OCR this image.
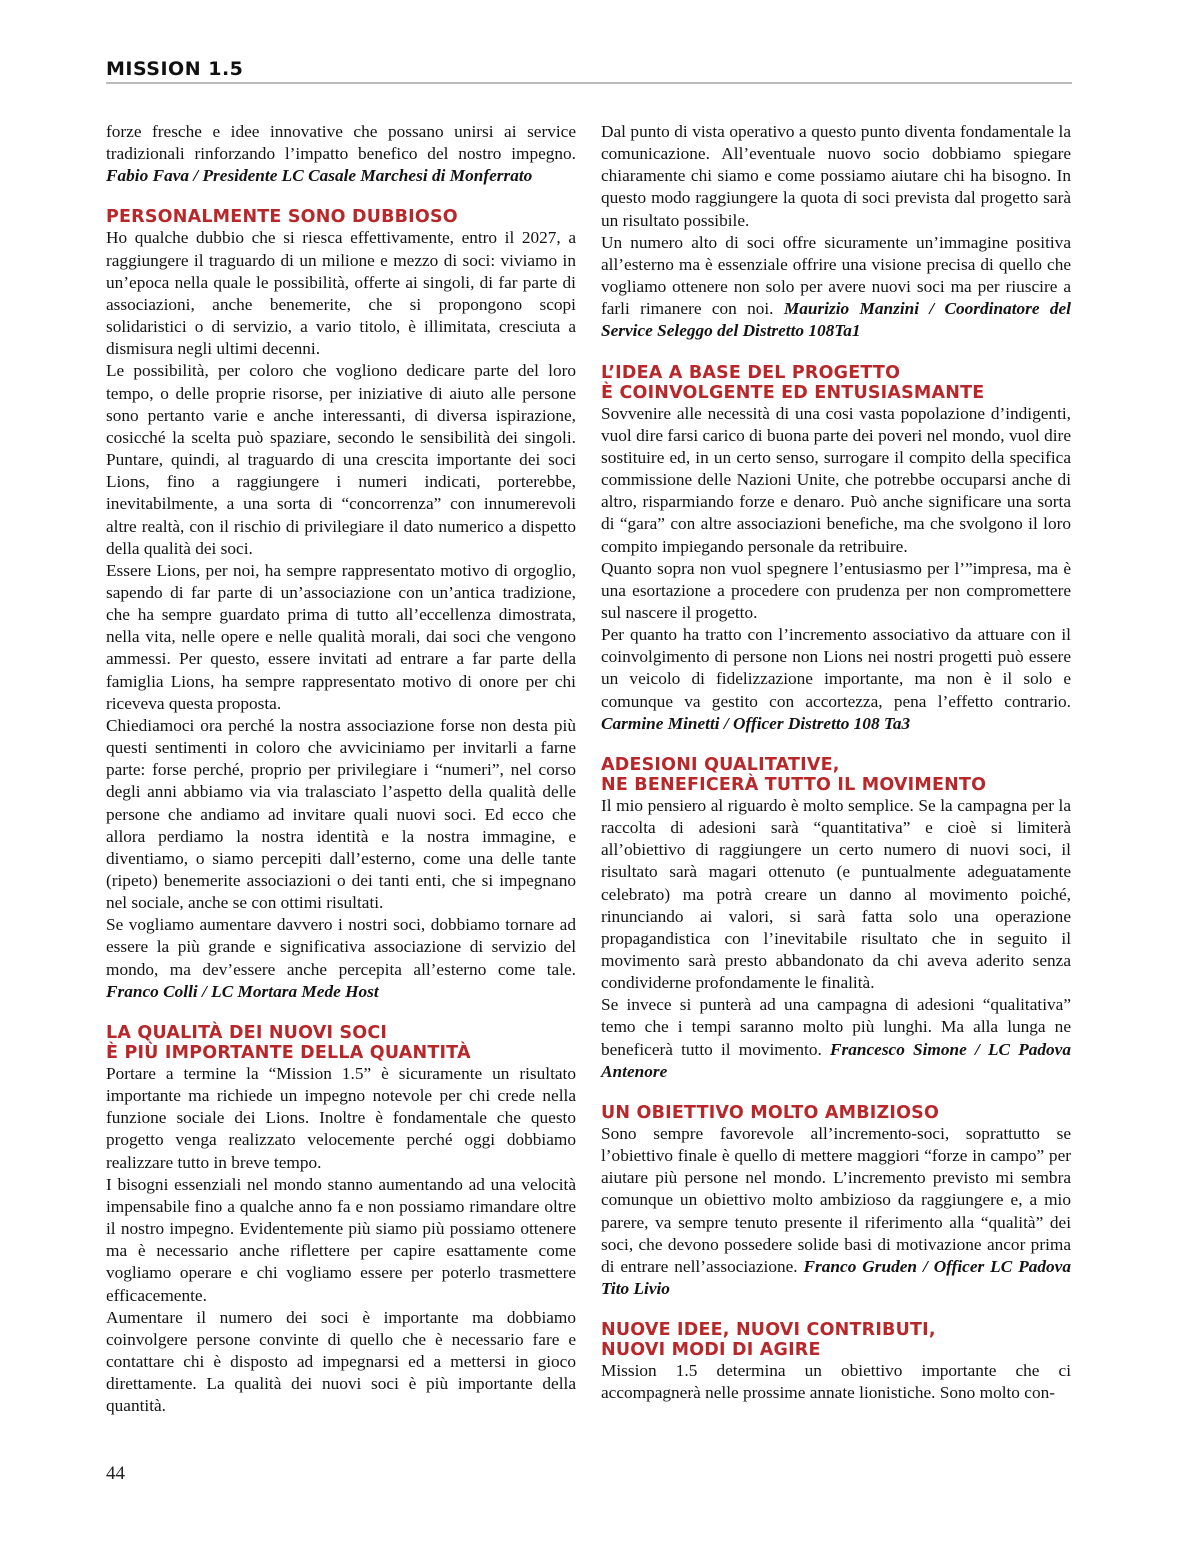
MISSION 1.5

forze fresche e idee innovative che possano unirsi ai service tradizionali rinforzando l’impatto benefico del nostro impegno. Fabio Fava / Presidente LC Casale Marchesi di Monferrato

PERSONALMENTE SONO DUBBIOSO

Ho qualche dubbio che si riesca effettivamente, entro il 2027, a raggiungere il traguardo di un milione e mezzo di soci: viviamo in un’epoca nella quale le possibilità, offerte ai singoli, di far parte di associazioni, anche benemerite, che si propongono scopi solidaristici o di servizio, a vario titolo, è illimitata, cresciuta a dismisura negli ultimi decenni.

Le possibilità, per coloro che vogliono dedicare parte del loro tempo, o delle proprie risorse, per iniziative di aiuto alle persone sono pertanto varie e anche interessanti, di diversa ispirazione, cosicché la scelta può spaziare, secondo le sensibilità dei singoli. Puntare, quindi, al traguardo di una crescita importante dei soci Lions, fino a raggiungere i numeri indicati, porterebbe, inevitabilmente, a una sorta di “concorrenza” con innumerevoli altre realtà, con il rischio di privilegiare il dato numerico a dispetto della qualità dei soci.

Essere Lions, per noi, ha sempre rappresentato motivo di orgoglio, sapendo di far parte di un’associazione con un’antica tradizione, che ha sempre guardato prima di tutto all’eccellenza dimostrata, nella vita, nelle opere e nelle qualità morali, dai soci che vengono ammessi. Per questo, essere invitati ad entrare a far parte della famiglia Lions, ha sempre rappresentato motivo di onore per chi riceveva questa proposta.

Chiediamoci ora perché la nostra associazione forse non desta più questi sentimenti in coloro che avviciniamo per invitarli a farne parte: forse perché, proprio per privilegiare i “numeri”, nel corso degli anni abbiamo via via tralasciato l’aspetto della qualità delle persone che andiamo ad invitare quali nuovi soci. Ed ecco che allora perdiamo la nostra identità e la nostra immagine, e diventiamo, o siamo percepiti dall’esterno, come una delle tante (ripeto) benemerite associazioni o dei tanti enti, che si impegnano nel sociale, anche se con ottimi risultati.

Se vogliamo aumentare davvero i nostri soci, dobbiamo tornare ad essere la più grande e significativa associazione di servizio del mondo, ma dev’essere anche percepita all’esterno come tale. Franco Colli / LC Mortara Mede Host

LA QUALITÀ DEI NUOVI SOCI
È PIÙ IMPORTANTE DELLA QUANTITÀ

Portare a termine la “Mission 1.5” è sicuramente un risultato importante ma richiede un impegno notevole per chi crede nella funzione sociale dei Lions. Inoltre è fondamentale che questo progetto venga realizzato velocemente perché oggi dobbiamo realizzare tutto in breve tempo.

I bisogni essenziali nel mondo stanno aumentando ad una velocità impensabile fino a qualche anno fa e non possiamo rimandare oltre il nostro impegno. Evidentemente più siamo più possiamo ottenere ma è necessario anche riflettere per capire esattamente come vogliamo operare e chi vogliamo essere per poterlo trasmettere efficacemente.

Aumentare il numero dei soci è importante ma dobbiamo coinvolgere persone convinte di quello che è necessario fare e contattare chi è disposto ad impegnarsi ed a mettersi in gioco direttamente. La qualità dei nuovi soci è più importante della quantità.

Dal punto di vista operativo a questo punto diventa fondamentale la comunicazione. All’eventuale nuovo socio dobbiamo spiegare chiaramente chi siamo e come possiamo aiutare chi ha bisogno. In questo modo raggiungere la quota di soci prevista dal progetto sarà un risultato possibile.

Un numero alto di soci offre sicuramente un’immagine positiva all’esterno ma è essenziale offrire una visione precisa di quello che vogliamo ottenere non solo per avere nuovi soci ma per riuscire a farli rimanere con noi. Maurizio Manzini / Coordinatore del Service Seleggo del Distretto 108Ta1

L’IDEA A BASE DEL PROGETTO
È COINVOLGENTE ED ENTUSIASMANTE

Sovvenire alle necessità di una cosi vasta popolazione d’indigenti, vuol dire farsi carico di buona parte dei poveri nel mondo, vuol dire sostituire ed, in un certo senso, surrogare il compito della specifica commissione delle Nazioni Unite, che potrebbe occuparsi anche di altro, risparmiando forze e denaro. Può anche significare una sorta di “gara” con altre associazioni benefiche, ma che svolgono il loro compito impiegando personale da retribuire.

Quanto sopra non vuol spegnere l’entusiasmo per l’”impresa, ma è una esortazione a procedere con prudenza per non compromettere sul nascere il progetto.

Per quanto ha tratto con l’incremento associativo da attuare con il coinvolgimento di persone non Lions nei nostri progetti può essere un veicolo di fidelizzazione importante, ma non è il solo e comunque va gestito con accortezza, pena l’effetto contrario. Carmine Minetti / Officer Distretto 108 Ta3

ADESIONI QUALITATIVE,
NE BENEFICERÀ TUTTO IL MOVIMENTO

Il mio pensiero al riguardo è molto semplice. Se la campagna per la raccolta di adesioni sarà “quantitativa” e cioè si limiterà all’obiettivo di raggiungere un certo numero di nuovi soci, il risultato sarà magari ottenuto (e puntualmente adeguatamente celebrato) ma potrà creare un danno al movimento poiché, rinunciando ai valori, si sarà fatta solo una operazione propagandistica con l’inevitabile risultato che in seguito il movimento sarà presto abbandonato da chi aveva aderito senza condividerne profondamente le finalità.

Se invece si punterà ad una campagna di adesioni “qualitativa” temo che i tempi saranno molto più lunghi. Ma alla lunga ne beneficerà tutto il movimento. Francesco Simone / LC Padova Antenore

UN OBIETTIVO MOLTO AMBIZIOSO

Sono sempre favorevole all’incremento-soci, soprattutto se l’obiettivo finale è quello di mettere maggiori “forze in campo” per aiutare più persone nel mondo. L’incremento previsto mi sembra comunque un obiettivo molto ambizioso da raggiungere e, a mio parere, va sempre tenuto presente il riferimento alla “qualità” dei soci, che devono possedere solide basi di motivazione ancor prima di entrare nell’associazione. Franco Gruden / Officer LC Padova Tito Livio

NUOVE IDEE, NUOVI CONTRIBUTI,
NUOVI MODI DI AGIRE

Mission 1.5 determina un obiettivo importante che ci accompagnerà nelle prossime annate lionistiche. Sono molto con-

44
